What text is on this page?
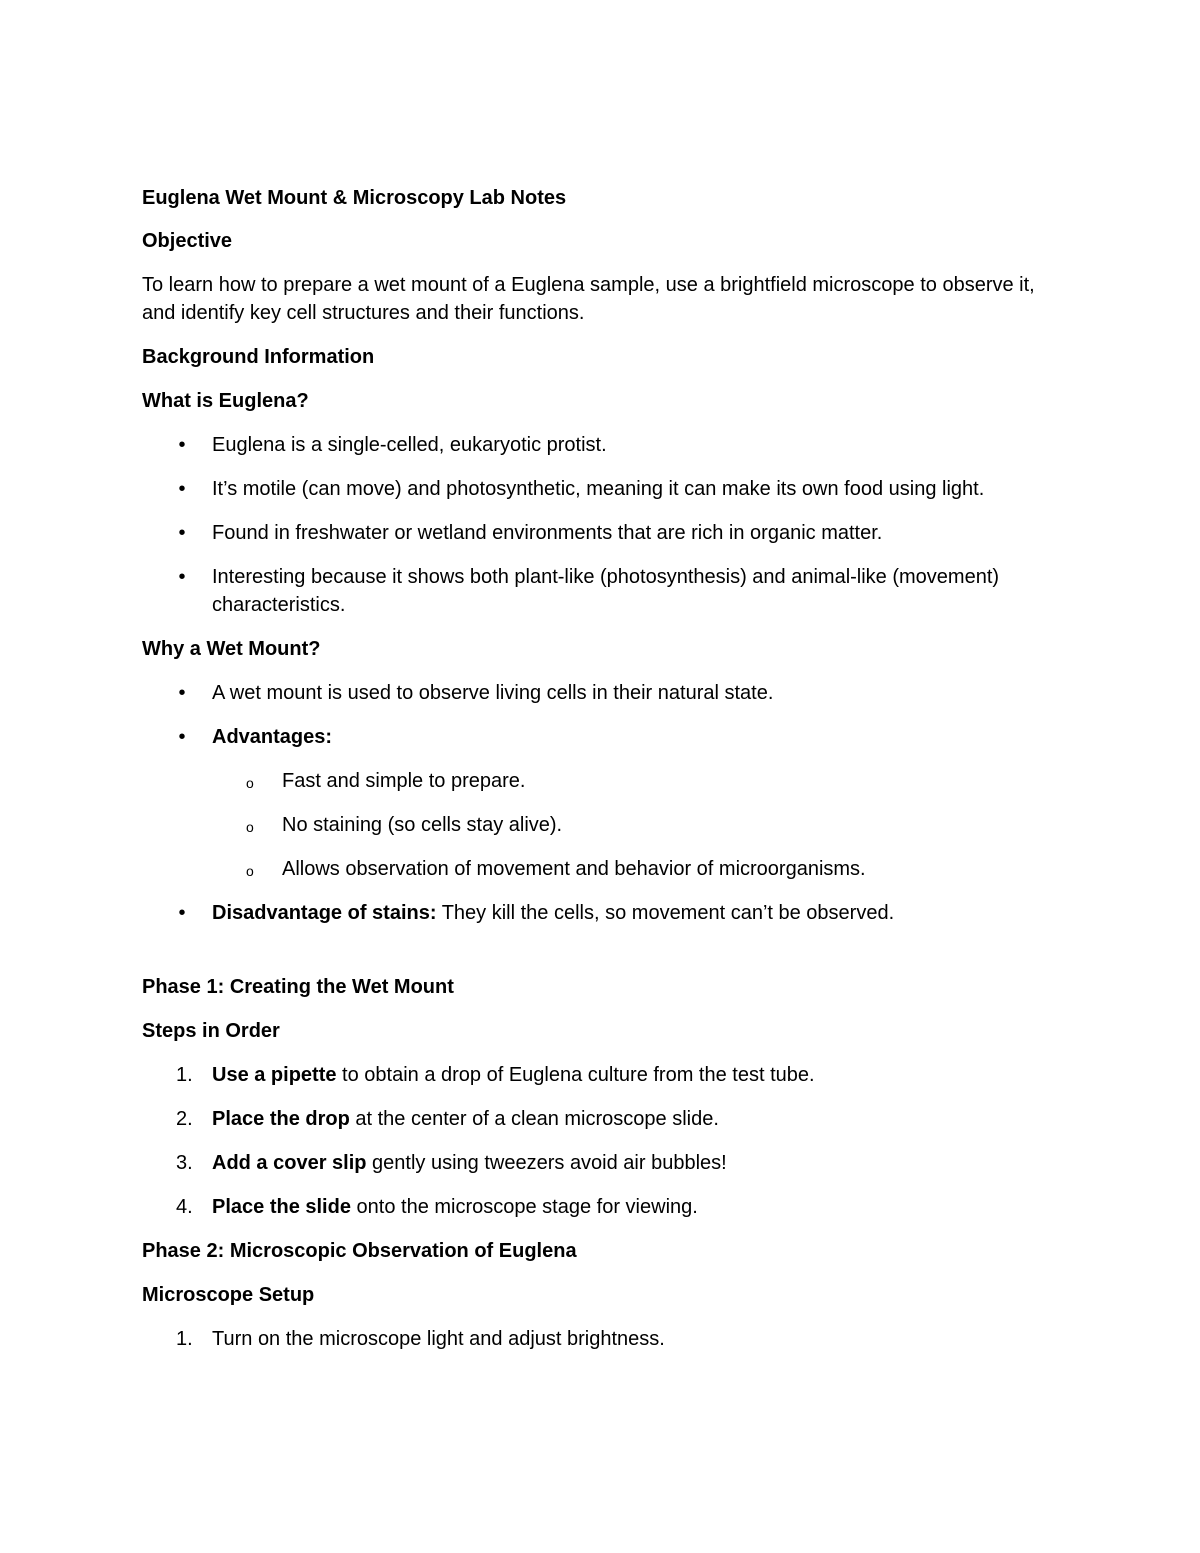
Euglena Wet Mount & Microscopy Lab Notes

Objective

To learn how to prepare a wet mount of a Euglena sample, use a brightfield microscope to observe it, and identify key cell structures and their functions.

Background Information

What is Euglena?

•	Euglena is a single-celled, eukaryotic protist.
•	It’s motile (can move) and photosynthetic, meaning it can make its own food using light.
•	Found in freshwater or wetland environments that are rich in organic matter.
•	Interesting because it shows both plant-like (photosynthesis) and animal-like (movement) characteristics.

Why a Wet Mount?

•	A wet mount is used to observe living cells in their natural state.
•	Advantages:
o Fast and simple to prepare.
o No staining (so cells stay alive).
o Allows observation of movement and behavior of microorganisms.
•	Disadvantage of stains: They kill the cells, so movement can’t be observed.

Phase 1: Creating the Wet Mount

Steps in Order

1. Use a pipette to obtain a drop of Euglena culture from the test tube.
2. Place the drop at the center of a clean microscope slide.
3. Add a cover slip gently using tweezers avoid air bubbles!
4. Place the slide onto the microscope stage for viewing.

Phase 2: Microscopic Observation of Euglena

Microscope Setup

1. Turn on the microscope light and adjust brightness.
